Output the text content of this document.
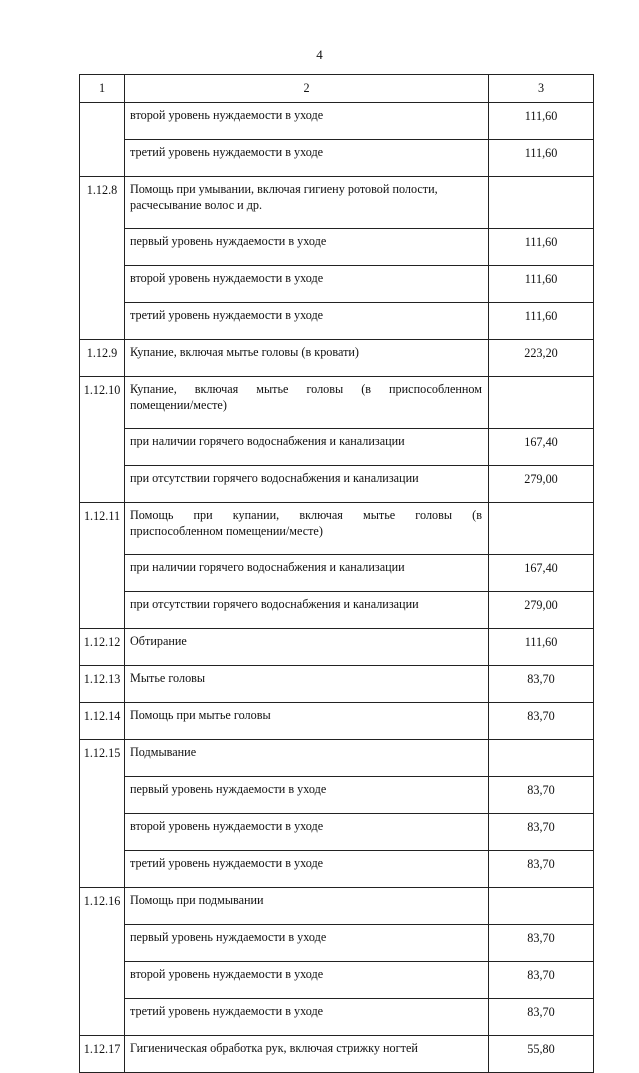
4
1	2	3
	второй уровень нуждаемости в уходе	111,60
	третий уровень нуждаемости в уходе	111,60
1.12.8	Помощь при умывании, включая гигиену ротовой полости,
расчесывание волос и др.	
	первый уровень нуждаемости в уходе	111,60
	второй уровень нуждаемости в уходе	111,60
	третий уровень нуждаемости в уходе	111,60
1.12.9	Купание, включая мытье головы (в кровати)	223,20
1.12.10	Купание, включая мытье головы (в приспособленном
помещении/месте)	
	при наличии горячего водоснабжения и канализации	167,40
	при отсутствии горячего водоснабжения и канализации	279,00
1.12.11	Помощь при купании, включая мытье головы (в
приспособленном помещении/месте)	
	при наличии горячего водоснабжения и канализации	167,40
	при отсутствии горячего водоснабжения и канализации	279,00
1.12.12	Обтирание	111,60
1.12.13	Мытье головы	83,70
1.12.14	Помощь при мытье головы	83,70
1.12.15	Подмывание	
	первый уровень нуждаемости в уходе	83,70
	второй уровень нуждаемости в уходе	83,70
	третий уровень нуждаемости в уходе	83,70
1.12.16	Помощь при подмывании	
	первый уровень нуждаемости в уходе	83,70
	второй уровень нуждаемости в уходе	83,70
	третий уровень нуждаемости в уходе	83,70
1.12.17	Гигиеническая обработка рук, включая стрижку ногтей	55,80
